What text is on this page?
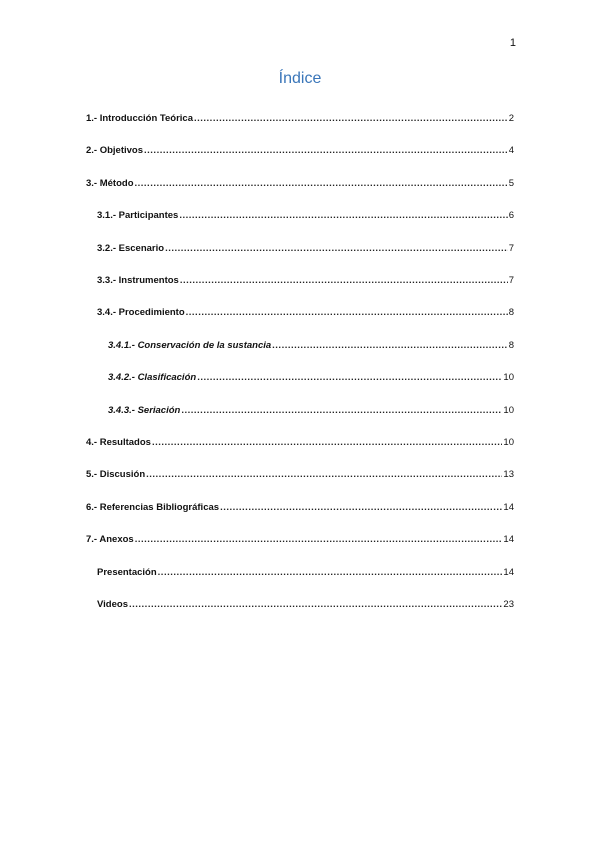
1
Índice
1.- Introducción Teórica .....	2
2.- Objetivos .....	4
3.- Método .....	5
3.1.- Participantes .....	6
3.2.- Escenario .....	7
3.3.- Instrumentos .....	7
3.4.- Procedimiento .....	8
3.4.1.- Conservación de la sustancia .....	8
3.4.2.- Clasificación .....	10
3.4.3.- Seriación .....	10
4.- Resultados .....	10
5.- Discusión .....	13
6.- Referencias Bibliográficas .....	14
7.- Anexos .....	14
Presentación .....	14
Videos .....	23
